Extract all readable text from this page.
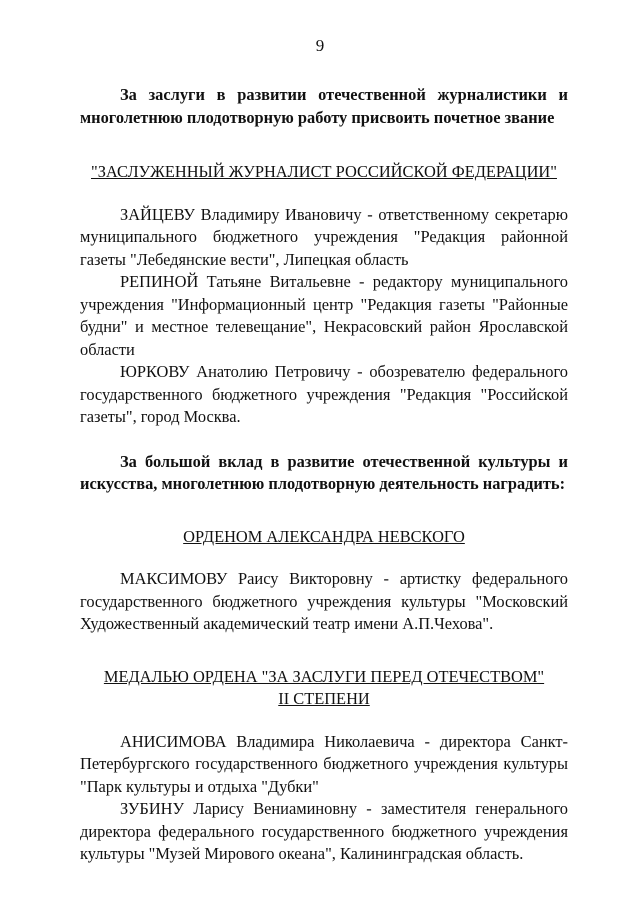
9

За заслуги в развитии отечественной журналистики и многолетнюю плодотворную работу присвоить почетное звание

"ЗАСЛУЖЕННЫЙ ЖУРНАЛИСТ РОССИЙСКОЙ ФЕДЕРАЦИИ"

ЗАЙЦЕВУ Владимиру Ивановичу - ответственному секретарю муниципального бюджетного учреждения "Редакция районной газеты "Лебедянские вести", Липецкая область

РЕПИНОЙ Татьяне Витальевне - редактору муниципального учреждения "Информационный центр "Редакция газеты "Районные будни" и местное телевещание", Некрасовский район Ярославской области

ЮРКОВУ Анатолию Петровичу - обозревателю федерального государственного бюджетного учреждения "Редакция "Российской газеты", город Москва.

За большой вклад в развитие отечественной культуры и искусства, многолетнюю плодотворную деятельность наградить:

ОРДЕНОМ АЛЕКСАНДРА НЕВСКОГО

МАКСИМОВУ Раису Викторовну - артистку федерального государственного бюджетного учреждения культуры "Московский Художественный академический театр имени А.П.Чехова".

МЕДАЛЬЮ ОРДЕНА "ЗА ЗАСЛУГИ ПЕРЕД ОТЕЧЕСТВОМ"

II СТЕПЕНИ

АНИСИМОВА Владимира Николаевича - директора Санкт-Петербургского государственного бюджетного учреждения культуры "Парк культуры и отдыха "Дубки"

ЗУБИНУ Ларису Вениаминовну - заместителя генерального директора федерального государственного бюджетного учреждения культуры "Музей Мирового океана", Калининградская область.
